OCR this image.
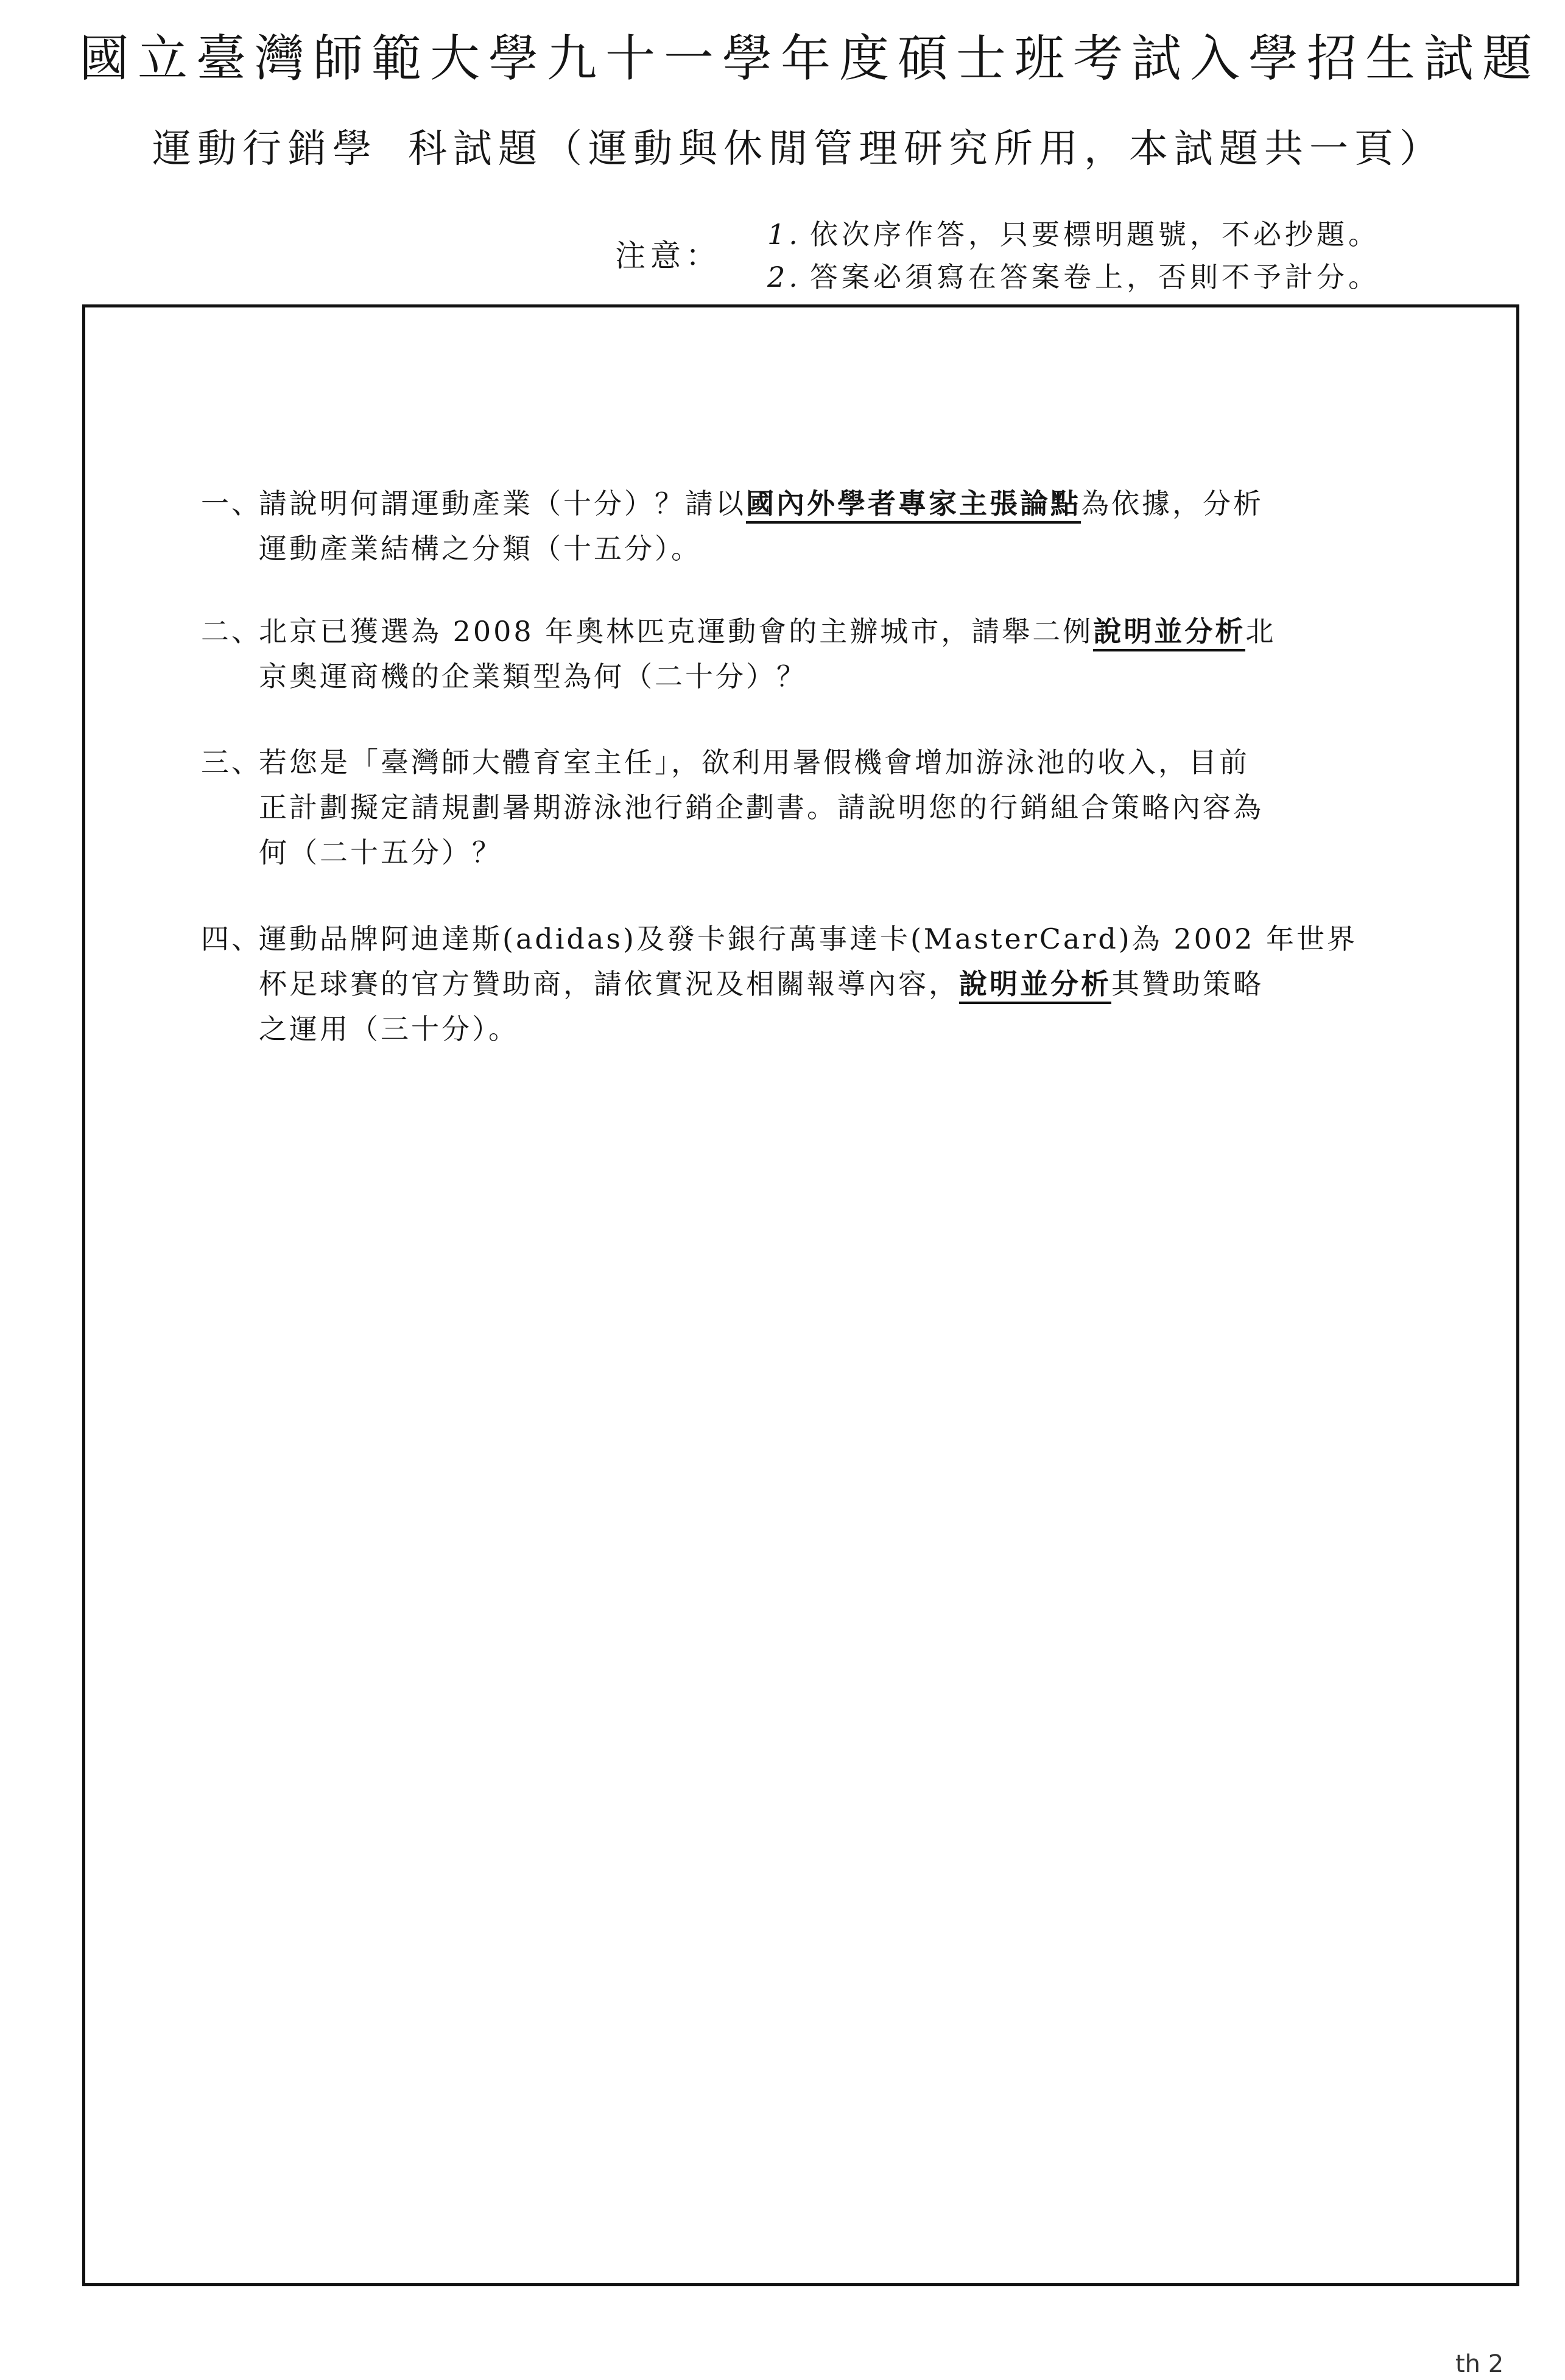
國立臺灣師範大學九十一學年度碩士班考試入學招生試題
運動行銷學 科試題（運動與休閒管理研究所用，本試題共一頁）
注意：
1. 依次序作答，只要標明題號，不必抄題。
2. 答案必須寫在答案卷上，否則不予計分。
一、請說明何謂運動產業（十分）？請以國內外學者專家主張論點為依據，分析
運動產業結構之分類（十五分）。
二、北京已獲選為 2008 年奧林匹克運動會的主辦城市，請舉二例說明並分析北
京奧運商機的企業類型為何（二十分）？
三、若您是「臺灣師大體育室主任」，欲利用暑假機會增加游泳池的收入，目前
正計劃擬定請規劃暑期游泳池行銷企劃書。請說明您的行銷組合策略內容為
何（二十五分）？
四、運動品牌阿迪達斯(adidas)及發卡銀行萬事達卡(MasterCard)為 2002 年世界
杯足球賽的官方贊助商，請依實況及相關報導內容，說明並分析其贊助策略
之運用（三十分）。
th 2
